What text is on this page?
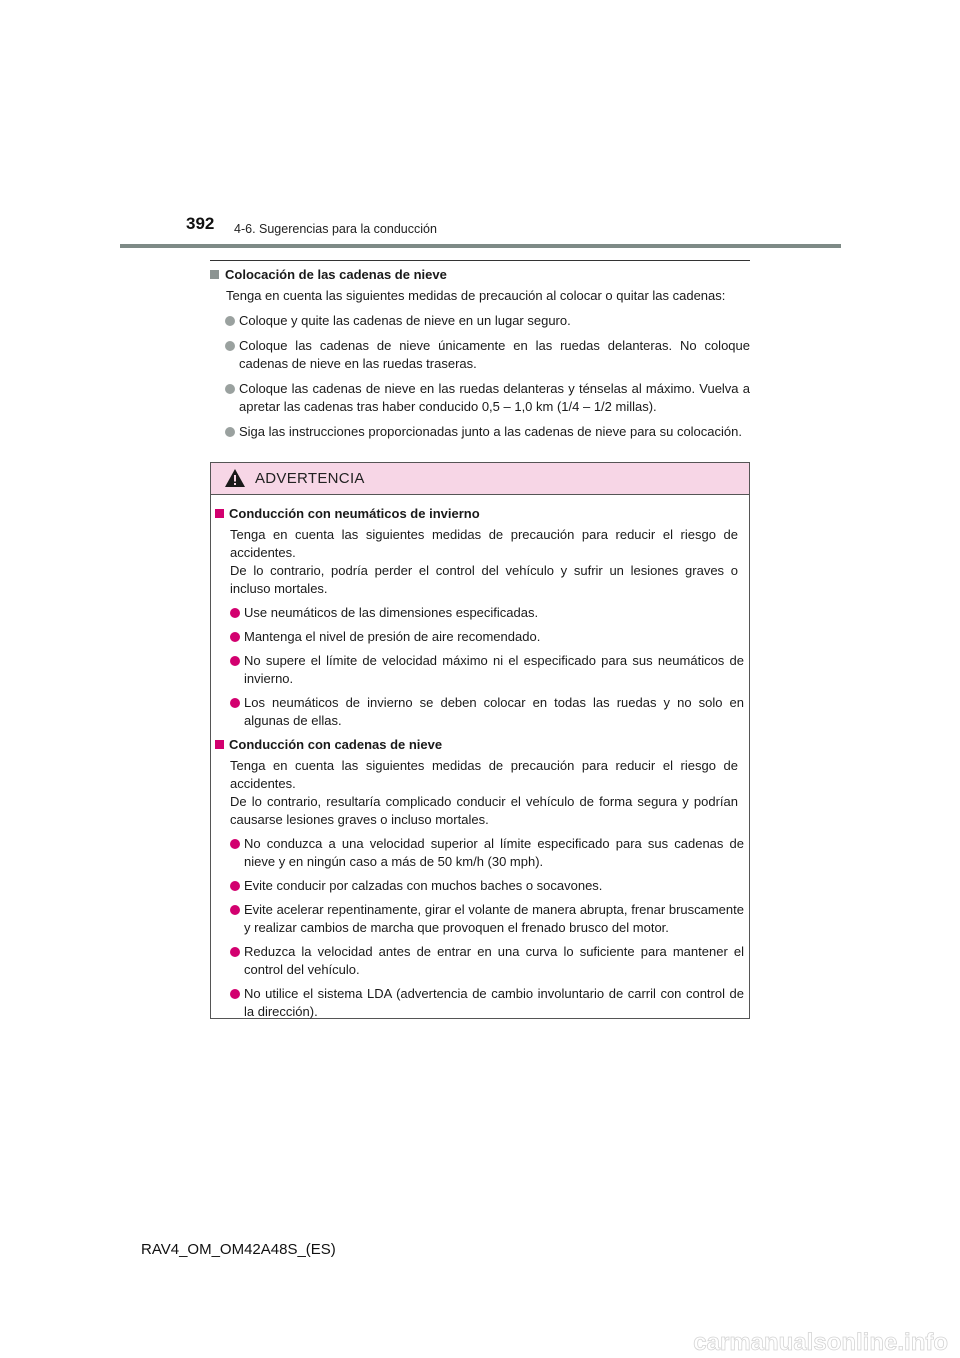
392 4-6. Sugerencias para la conducción
Colocación de las cadenas de nieve
Tenga en cuenta las siguientes medidas de precaución al colocar o quitar las cadenas:
Coloque y quite las cadenas de nieve en un lugar seguro.
Coloque las cadenas de nieve únicamente en las ruedas delanteras. No coloque cadenas de nieve en las ruedas traseras.
Coloque las cadenas de nieve en las ruedas delanteras y ténselas al máximo. Vuelva a apretar las cadenas tras haber conducido 0,5 – 1,0 km (1/4 – 1/2 millas).
Siga las instrucciones proporcionadas junto a las cadenas de nieve para su colocación.
ADVERTENCIA
Conducción con neumáticos de invierno
Tenga en cuenta las siguientes medidas de precaución para reducir el riesgo de accidentes.
De lo contrario, podría perder el control del vehículo y sufrir un lesiones graves o incluso mortales.
Use neumáticos de las dimensiones especificadas.
Mantenga el nivel de presión de aire recomendado.
No supere el límite de velocidad máximo ni el especificado para sus neumáticos de invierno.
Los neumáticos de invierno se deben colocar en todas las ruedas y no solo en algunas de ellas.
Conducción con cadenas de nieve
Tenga en cuenta las siguientes medidas de precaución para reducir el riesgo de accidentes.
De lo contrario, resultaría complicado conducir el vehículo de forma segura y podrían causarse lesiones graves o incluso mortales.
No conduzca a una velocidad superior al límite especificado para sus cadenas de nieve y en ningún caso a más de 50 km/h (30 mph).
Evite conducir por calzadas con muchos baches o socavones.
Evite acelerar repentinamente, girar el volante de manera abrupta, frenar bruscamente y realizar cambios de marcha que provoquen el frenado brusco del motor.
Reduzca la velocidad antes de entrar en una curva lo suficiente para mantener el control del vehículo.
No utilice el sistema LDA (advertencia de cambio involuntario de carril con control de la dirección).
RAV4_OM_OM42A48S_(ES)
carmanualsonline.info
